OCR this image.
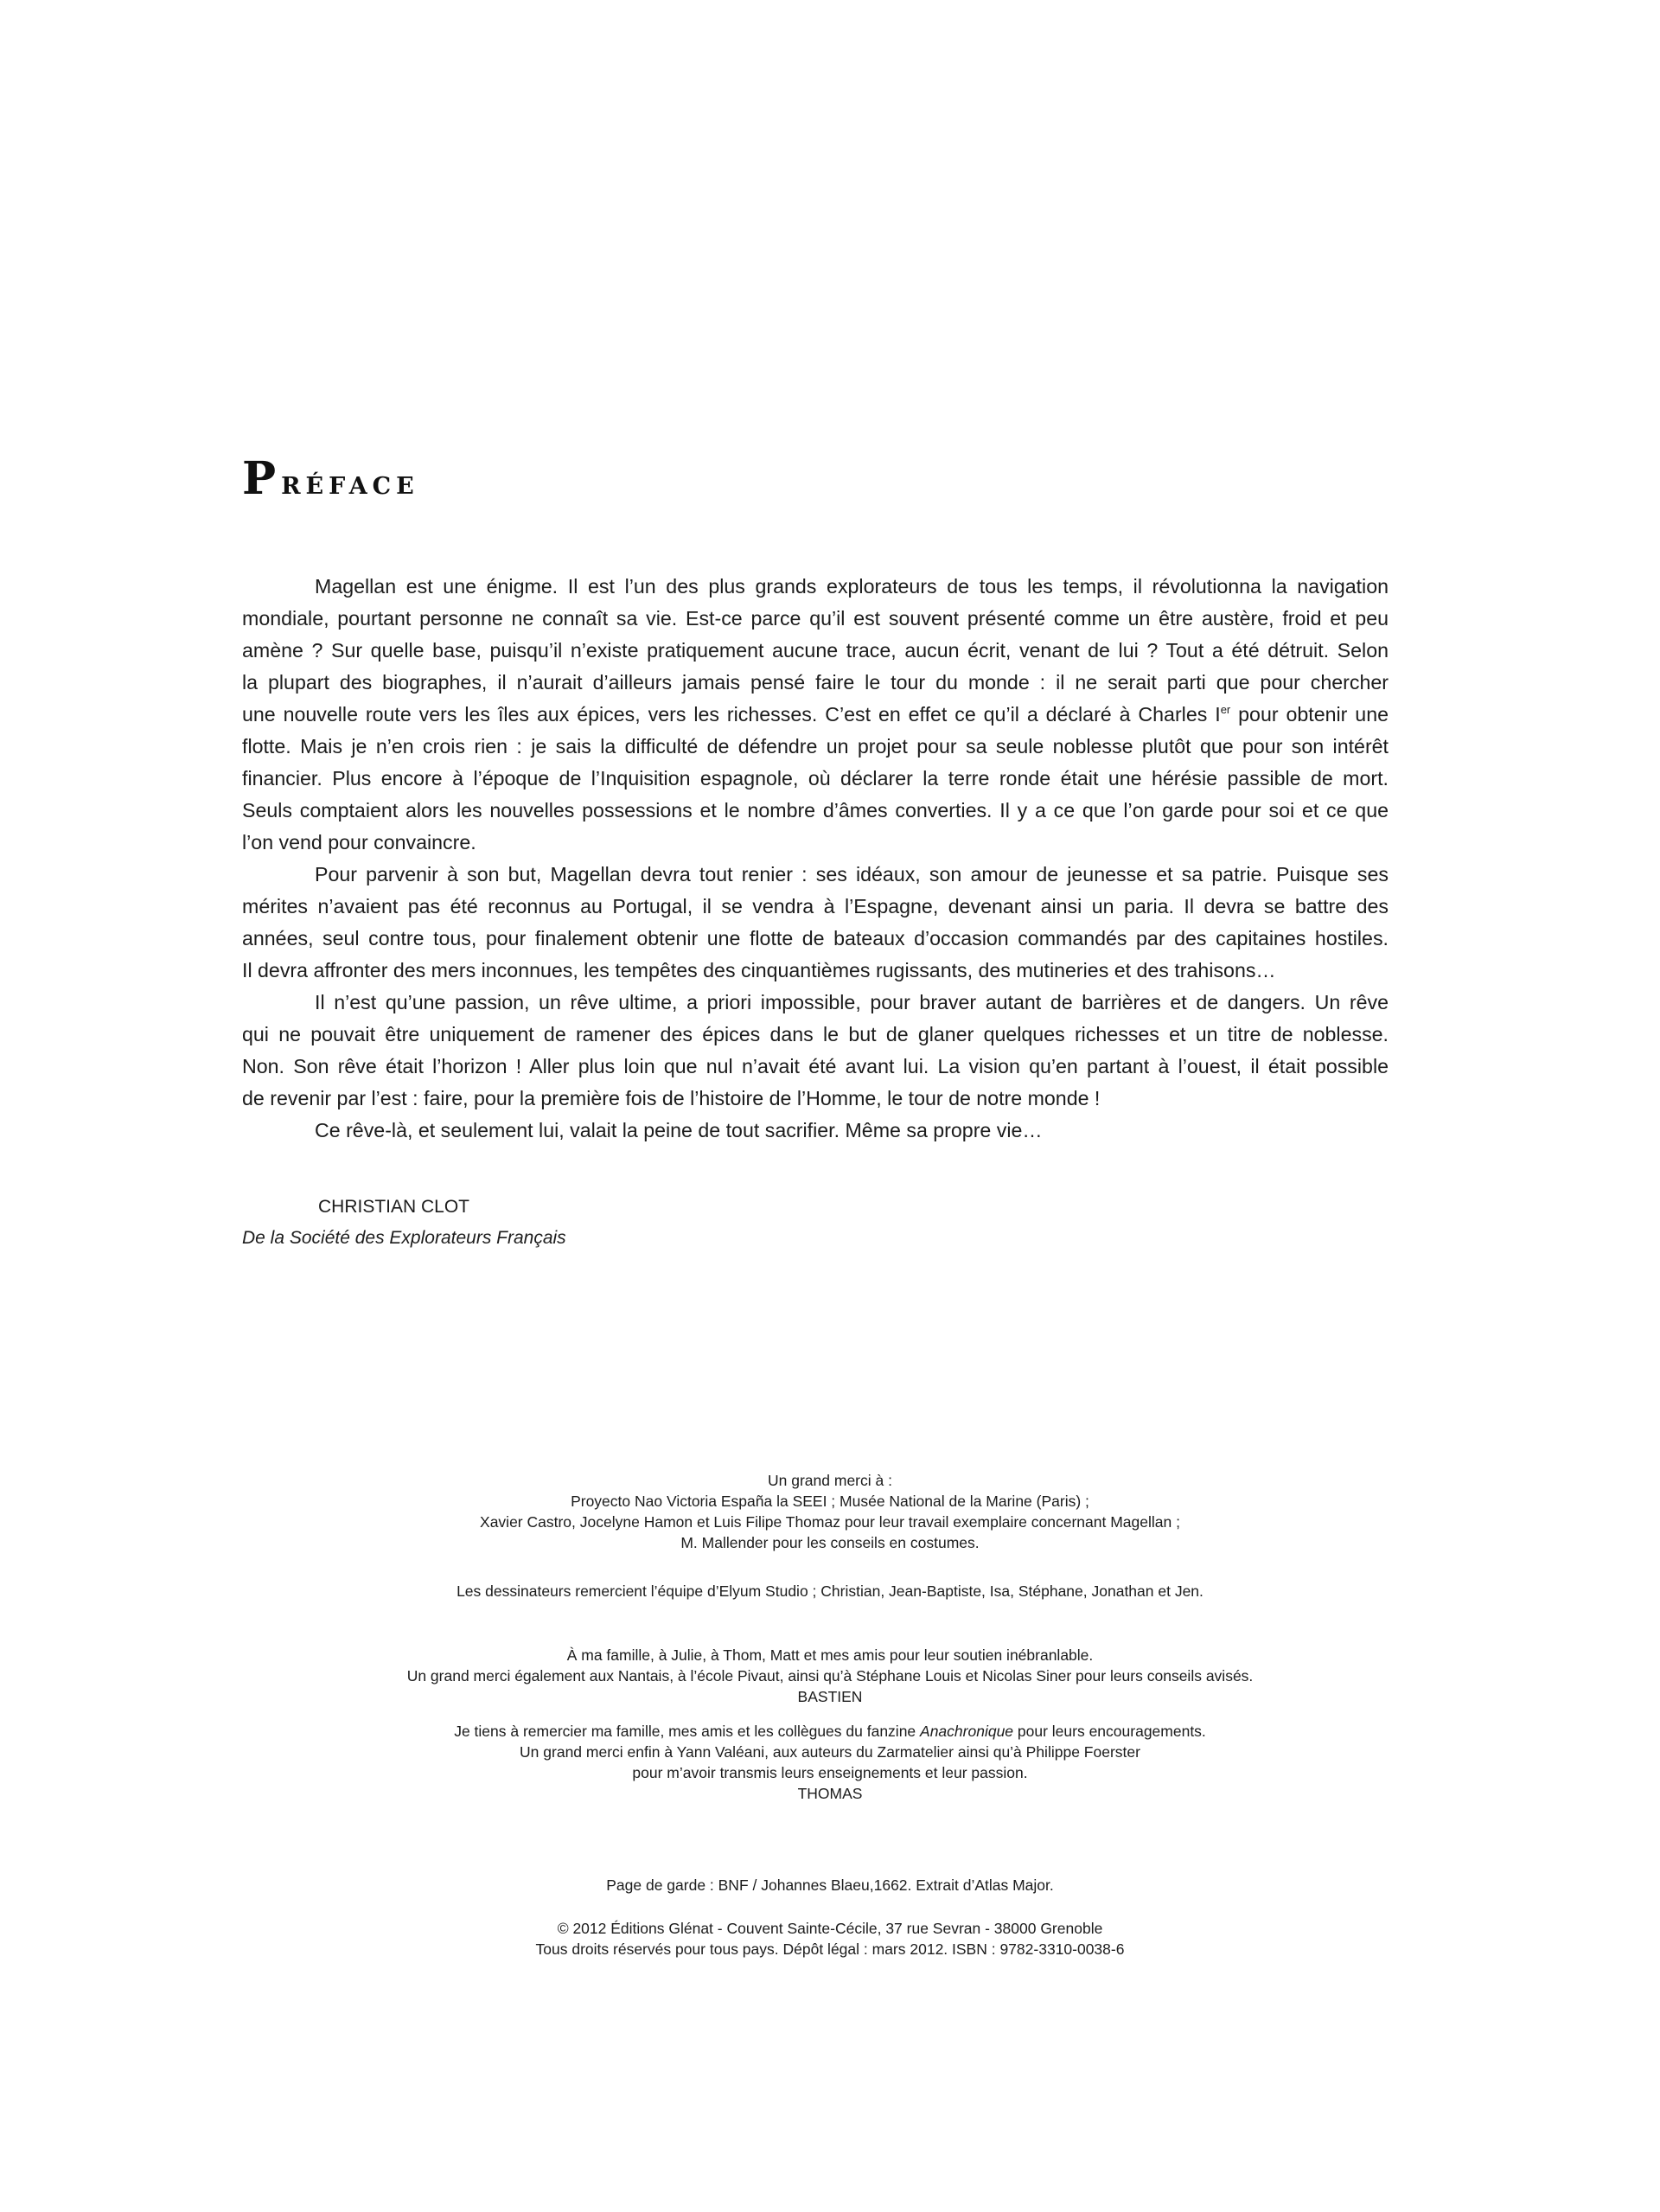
Préface
Magellan est une énigme. Il est l’un des plus grands explorateurs de tous les temps, il révolutionna la navigation
mondiale, pourtant personne ne connaît sa vie. Est-ce parce qu’il est souvent présenté comme un être austère, froid et peu
amène ? Sur quelle base, puisqu’il n’existe pratiquement aucune trace, aucun écrit, venant de lui ? Tout a été détruit. Selon
la plupart des biographes, il n’aurait d’ailleurs jamais pensé faire le tour du monde : il ne serait parti que pour chercher
une nouvelle route vers les îles aux épices, vers les richesses. C’est en effet ce qu’il a déclaré à Charles Ier pour obtenir une
flotte. Mais je n’en crois rien : je sais la difficulté de défendre un projet pour sa seule noblesse plutôt que pour son intérêt
financier. Plus encore à l’époque de l’Inquisition espagnole, où déclarer la terre ronde était une hérésie passible de mort.
Seuls comptaient alors les nouvelles possessions et le nombre d’âmes converties. Il y a ce que l’on garde pour soi et ce que
l’on vend pour convaincre.
Pour parvenir à son but, Magellan devra tout renier : ses idéaux, son amour de jeunesse et sa patrie. Puisque ses
mérites n’avaient pas été reconnus au Portugal, il se vendra à l’Espagne, devenant ainsi un paria. Il devra se battre des
années, seul contre tous, pour finalement obtenir une flotte de bateaux d’occasion commandés par des capitaines hostiles.
Il devra affronter des mers inconnues, les tempêtes des cinquantièmes rugissants, des mutineries et des trahisons…
Il n’est qu’une passion, un rêve ultime, a priori impossible, pour braver autant de barrières et de dangers. Un rêve
qui ne pouvait être uniquement de ramener des épices dans le but de glaner quelques richesses et un titre de noblesse.
Non. Son rêve était l’horizon ! Aller plus loin que nul n’avait été avant lui. La vision qu’en partant à l’ouest, il était possible
de revenir par l’est : faire, pour la première fois de l’histoire de l’Homme, le tour de notre monde !
Ce rêve-là, et seulement lui, valait la peine de tout sacrifier. Même sa propre vie…

CHRISTIAN CLOT

De la Société des Explorateurs Français

Un grand merci à :
Proyecto Nao Victoria España la SEEI ; Musée National de la Marine (Paris) ;
Xavier Castro, Jocelyne Hamon et Luis Filipe Thomaz pour leur travail exemplaire concernant Magellan ;
M. Mallender pour les conseils en costumes.
Les dessinateurs remercient l’équipe d’Elyum Studio ; Christian, Jean-Baptiste, Isa, Stéphane, Jonathan et Jen.
À ma famille, à Julie, à Thom, Matt et mes amis pour leur soutien inébranlable.
Un grand merci également aux Nantais, à l’école Pivaut, ainsi qu’à Stéphane Louis et Nicolas Siner pour leurs conseils avisés.
BASTIEN
Je tiens à remercier ma famille, mes amis et les collègues du fanzine Anachronique pour leurs encouragements.
Un grand merci enfin à Yann Valéani, aux auteurs du Zarmatelier ainsi qu’à Philippe Foerster
pour m’avoir transmis leurs enseignements et leur passion.
THOMAS
Page de garde : BNF / Johannes Blaeu,1662. Extrait d’Atlas Major.
© 2012 Éditions Glénat - Couvent Sainte-Cécile, 37 rue Sevran - 38000 Grenoble
Tous droits réservés pour tous pays. Dépôt légal : mars 2012. ISBN : 9782-3310-0038-6
